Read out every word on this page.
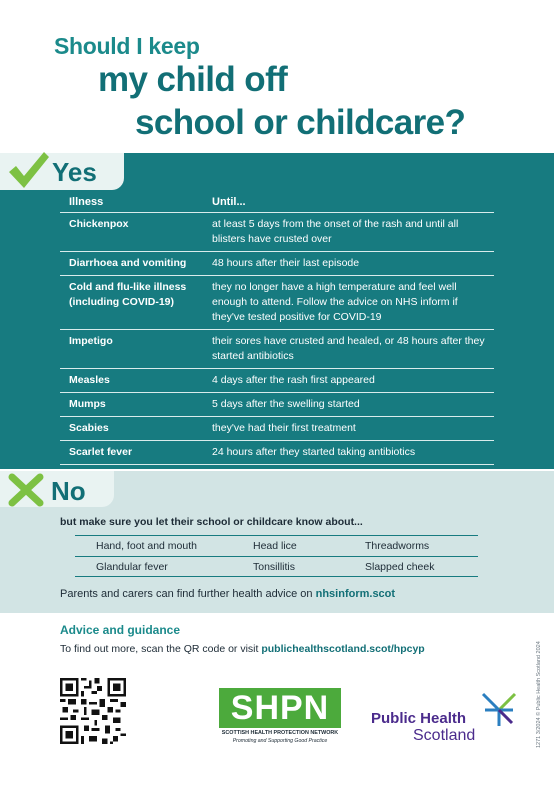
Should I keep
my child off
school or childcare?
Yes
Illness	Until...
Chickenpox	at least 5 days from the onset of the rash and until all blisters have crusted over
Diarrhoea and vomiting	48 hours after their last episode
Cold and flu-like illness (including COVID-19)	they no longer have a high temperature and feel well enough to attend. Follow the advice on NHS inform if they've tested positive for COVID-19
Impetigo	their sores have crusted and healed, or 48 hours after they started antibiotics
Measles	4 days after the rash first appeared
Mumps	5 days after the swelling started
Scabies	they've had their first treatment
Scarlet fever	24 hours after they started taking antibiotics

No
but make sure you let their school or childcare know about...
Hand, foot and mouth	Head lice	Threadworms
Glandular fever	Tonsillitis	Slapped cheek
Parents and carers can find further health advice on nhsinform.scot
Advice and guidance
To find out more, scan the QR code or visit publichealthscotland.scot/hpcyp
SHPN
SCOTTISH HEALTH PROTECTION NETWORK
Promoting and Supporting Good Practice
Public Health
Scotland	1271 3/2024 © Public Health Scotland 2024
